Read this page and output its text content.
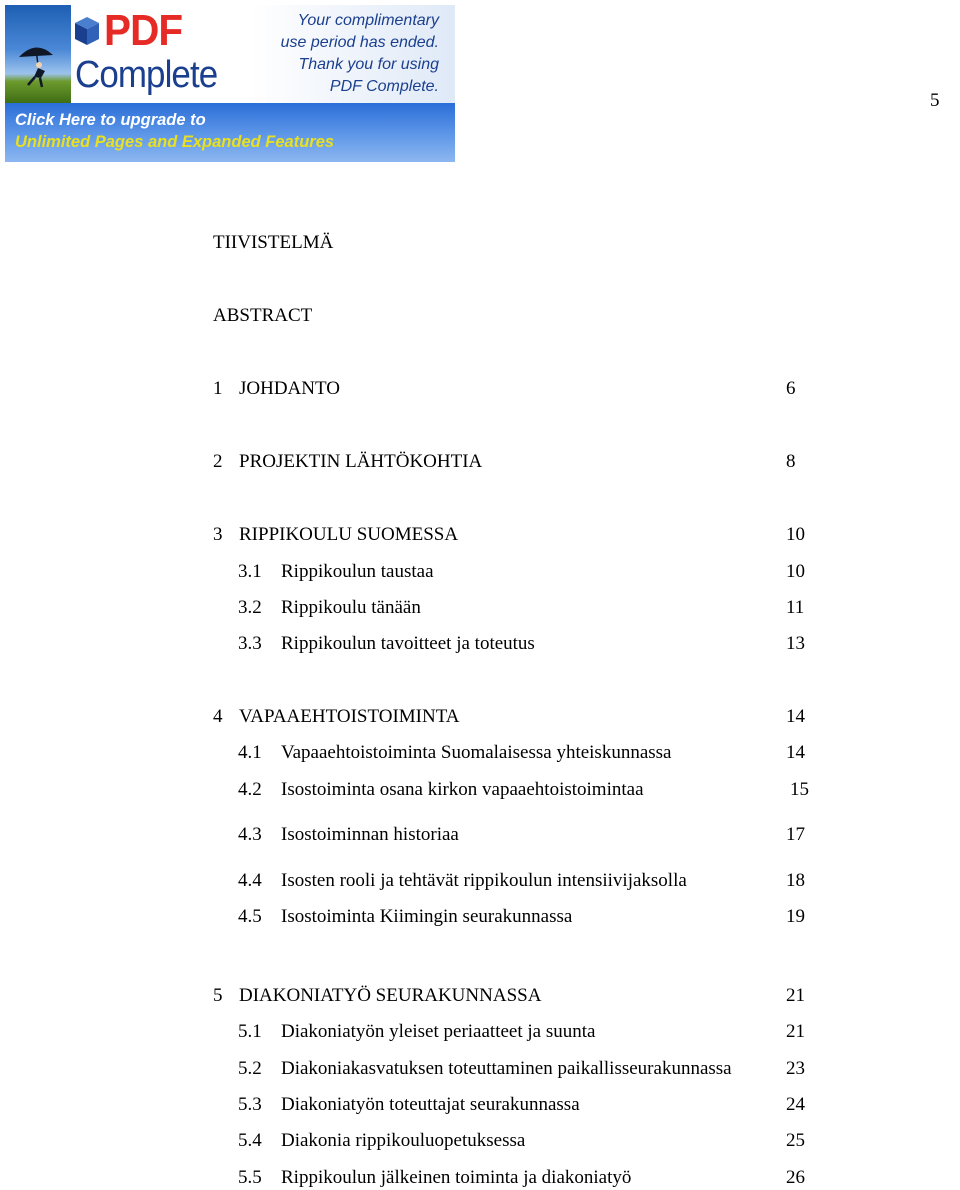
PDF
Complete
Your complimentary
use period has ended.
Thank you for using
PDF Complete.
Click Here to upgrade to
Unlimited Pages and Expanded Features
5
TIIVISTELMÄ
ABSTRACT
1 JOHDANTO	6
2 PROJEKTIN LÄHTÖKOHTIA	8
3 RIPPIKOULU SUOMESSA	10
3.1 Rippikoulun taustaa	10
3.2 Rippikoulu tänään	11
3.3 Rippikoulun tavoitteet ja toteutus	13
4 VAPAAEHTOISTOIMINTA	14
4.1 Vapaaehtoistoiminta Suomalaisessa yhteiskunnassa	14
4.2 Isostoiminta osana kirkon vapaaehtoistoimintaa	15
4.3 Isostoiminnan historiaa	17
4.4 Isosten rooli ja tehtävät rippikoulun intensiivijaksolla	18
4.5 Isostoiminta Kiimingin seurakunnassa	19
5 DIAKONIATYÖ SEURAKUNNASSA	21
5.1 Diakoniatyön yleiset periaatteet ja suunta	21
5.2 Diakoniakasvatuksen toteuttaminen paikallisseurakunnassa	23
5.3 Diakoniatyön toteuttajat seurakunnassa	24
5.4 Diakonia rippikouluopetuksessa	25
5.5 Rippikoulun jälkeinen toiminta ja diakoniatyö	26
